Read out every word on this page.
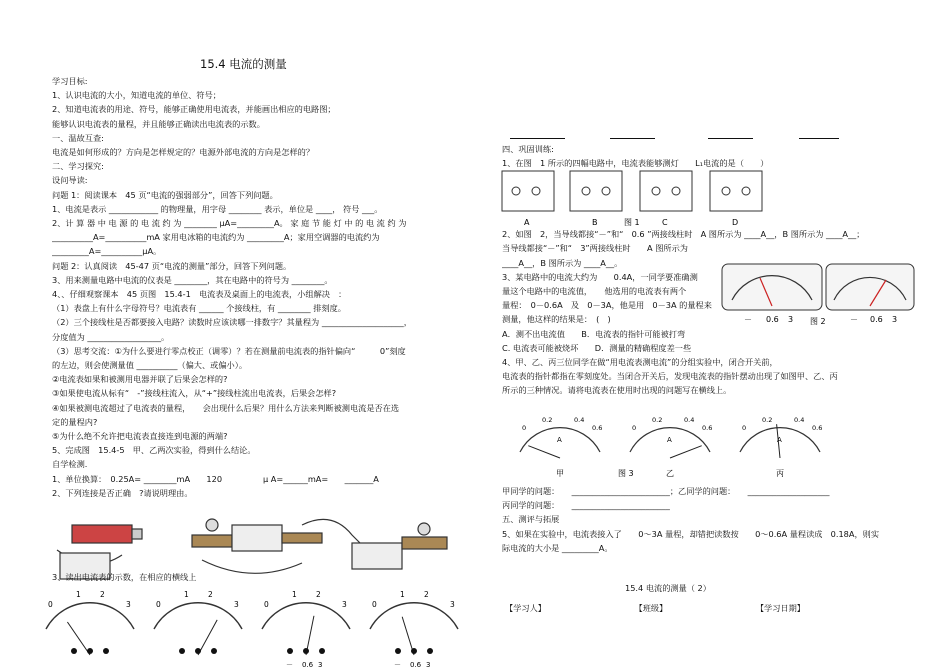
15.4 电流的测量
学习目标:
1、认识电流的大小，知道电流的单位、符号；
2、知道电流表的用途、符号，能够正确使用电流表，并能画出相应的电路图；
能够认识电流表的量程，并且能够正确读出电流表的示数。
一、温故互查:
电流是如何形成的？方向是怎样规定的？电源外部电流的方向是怎样的？
二、学习探究:
设问导读:
问题 1：阅读课本　45 页“电流的强弱部分”，回答下列问题。
1、电流是表示 ____________ 的物理量，用字母 ________ 表示，单位是 ____， 符号 ___。
2、计 算 器 中 电 源 的 电 流 约 为 ________ μA=_________A。 家 庭 节 能 灯 中 的 电 流 约 为
__________A=__________mA 家用电冰箱的电流约为 _________A；家用空调器的电流约为
_________A=__________μA。
问题 2：认真阅读　45-47 页“电流的测量”部分，回答下列问题。
3、用来测量电路中电流的仪表是 ________，其在电路中的符号为 ________。
4、、仔细观察课本　45 页图　15.4-1　电流表及桌面上的电流表，小组解决　：
（1）表盘上有什么字母符号？电流表有 ______ 个接线柱，有 ________ 排刻度。
（2）三个接线柱是否都要接入电路？读数时应该读哪一排数字？其量程为 ____________________，
分度值为 __________________。
（3）思考交流：①为什么要进行零点校正（调零）？若在测量前电流表的指针偏向“　　　0”刻度
的左边，则会使测量值 __________（偏大、或偏小）。
②电流表如果和被测用电器并联了后果会怎样的?
③如果使电流从标有“　-”接线柱流入，从“+”接线柱流出电流表，后果会怎样?
④如果被测电流超过了电流表的量程，　　会出现什么后果？用什么方法来判断被测电流是否在选
定的量程内?
⑤为什么绝不允许把电流表直接连到电源的两端?
5、完成图　15.4-5　甲、乙两次实验，得到什么结论。
自学检测.
1、单位换算：　0.25A= ________mA　　120　　　　　μ A=______mA=　　_______A
2、下列连接是否正确　?请说明理由。
3、读出电流表的示数，在相应的横线上
0
1	2
3	0
1	2
3	0
1	2
3
－ 0.6 3
0
1	2
3
－ 0.6 3

四、巩固训练:
1、在图　1 所示的四幅电路中，电流表能够测灯　　L₁电流的是（　　）

2、如图　2，当导线都接“－”和“　0.6 ”两接线柱时　A 图所示为 ____A__，B 图所示为 ____A__；
当导线都接“－”和“　3”两接线柱时　　A 图所示为
____A__，B 图所示为 ____A__。
3、某电路中的电流大约为　　0.4A，一同学要准确测
量这个电路中的电流值，　　他选用的电流表有两个
量程：　0－0.6A　及　0－3A，他是用　0－3A 的量程来
测量，他这样的结果是：　(　)
A．测不出电流值　　B．电流表的指针可能被打弯
C. 电流表可能被烧坏　　D．测量的精确程度差一些
4、甲、乙、丙三位同学在做“用电流表测电流”的分组实验中，闭合开关前，
电流表的指针都指在零刻度处。当闭合开关后，发现电流表的指针摆动出现了如图甲、乙、丙
所示的三种情况。请将电流表在使用时出现的问题写在横线上。
A	B	图 1	C	D
－ 0.6 3 图 2	－ 0.6 3
甲
0
0.2	0.4
0.6
A
乙
0
0.2	0.4
0.6
A
丙
0
0.2	0.4
0.6
A
图 3
甲同学的问题：　　________________________；乙同学的问题：　　____________________
丙同学的问题：　　________________________
五、测评与拓展
5、如果在实验中，电流表接入了　　0～3A 量程，却错把读数按　　0～0.6A 量程读成　0.18A，则实
际电流的大小是 _________A。
15.4 电流的测量（ 2）
【学习人】	【班级】	【学习日期】
